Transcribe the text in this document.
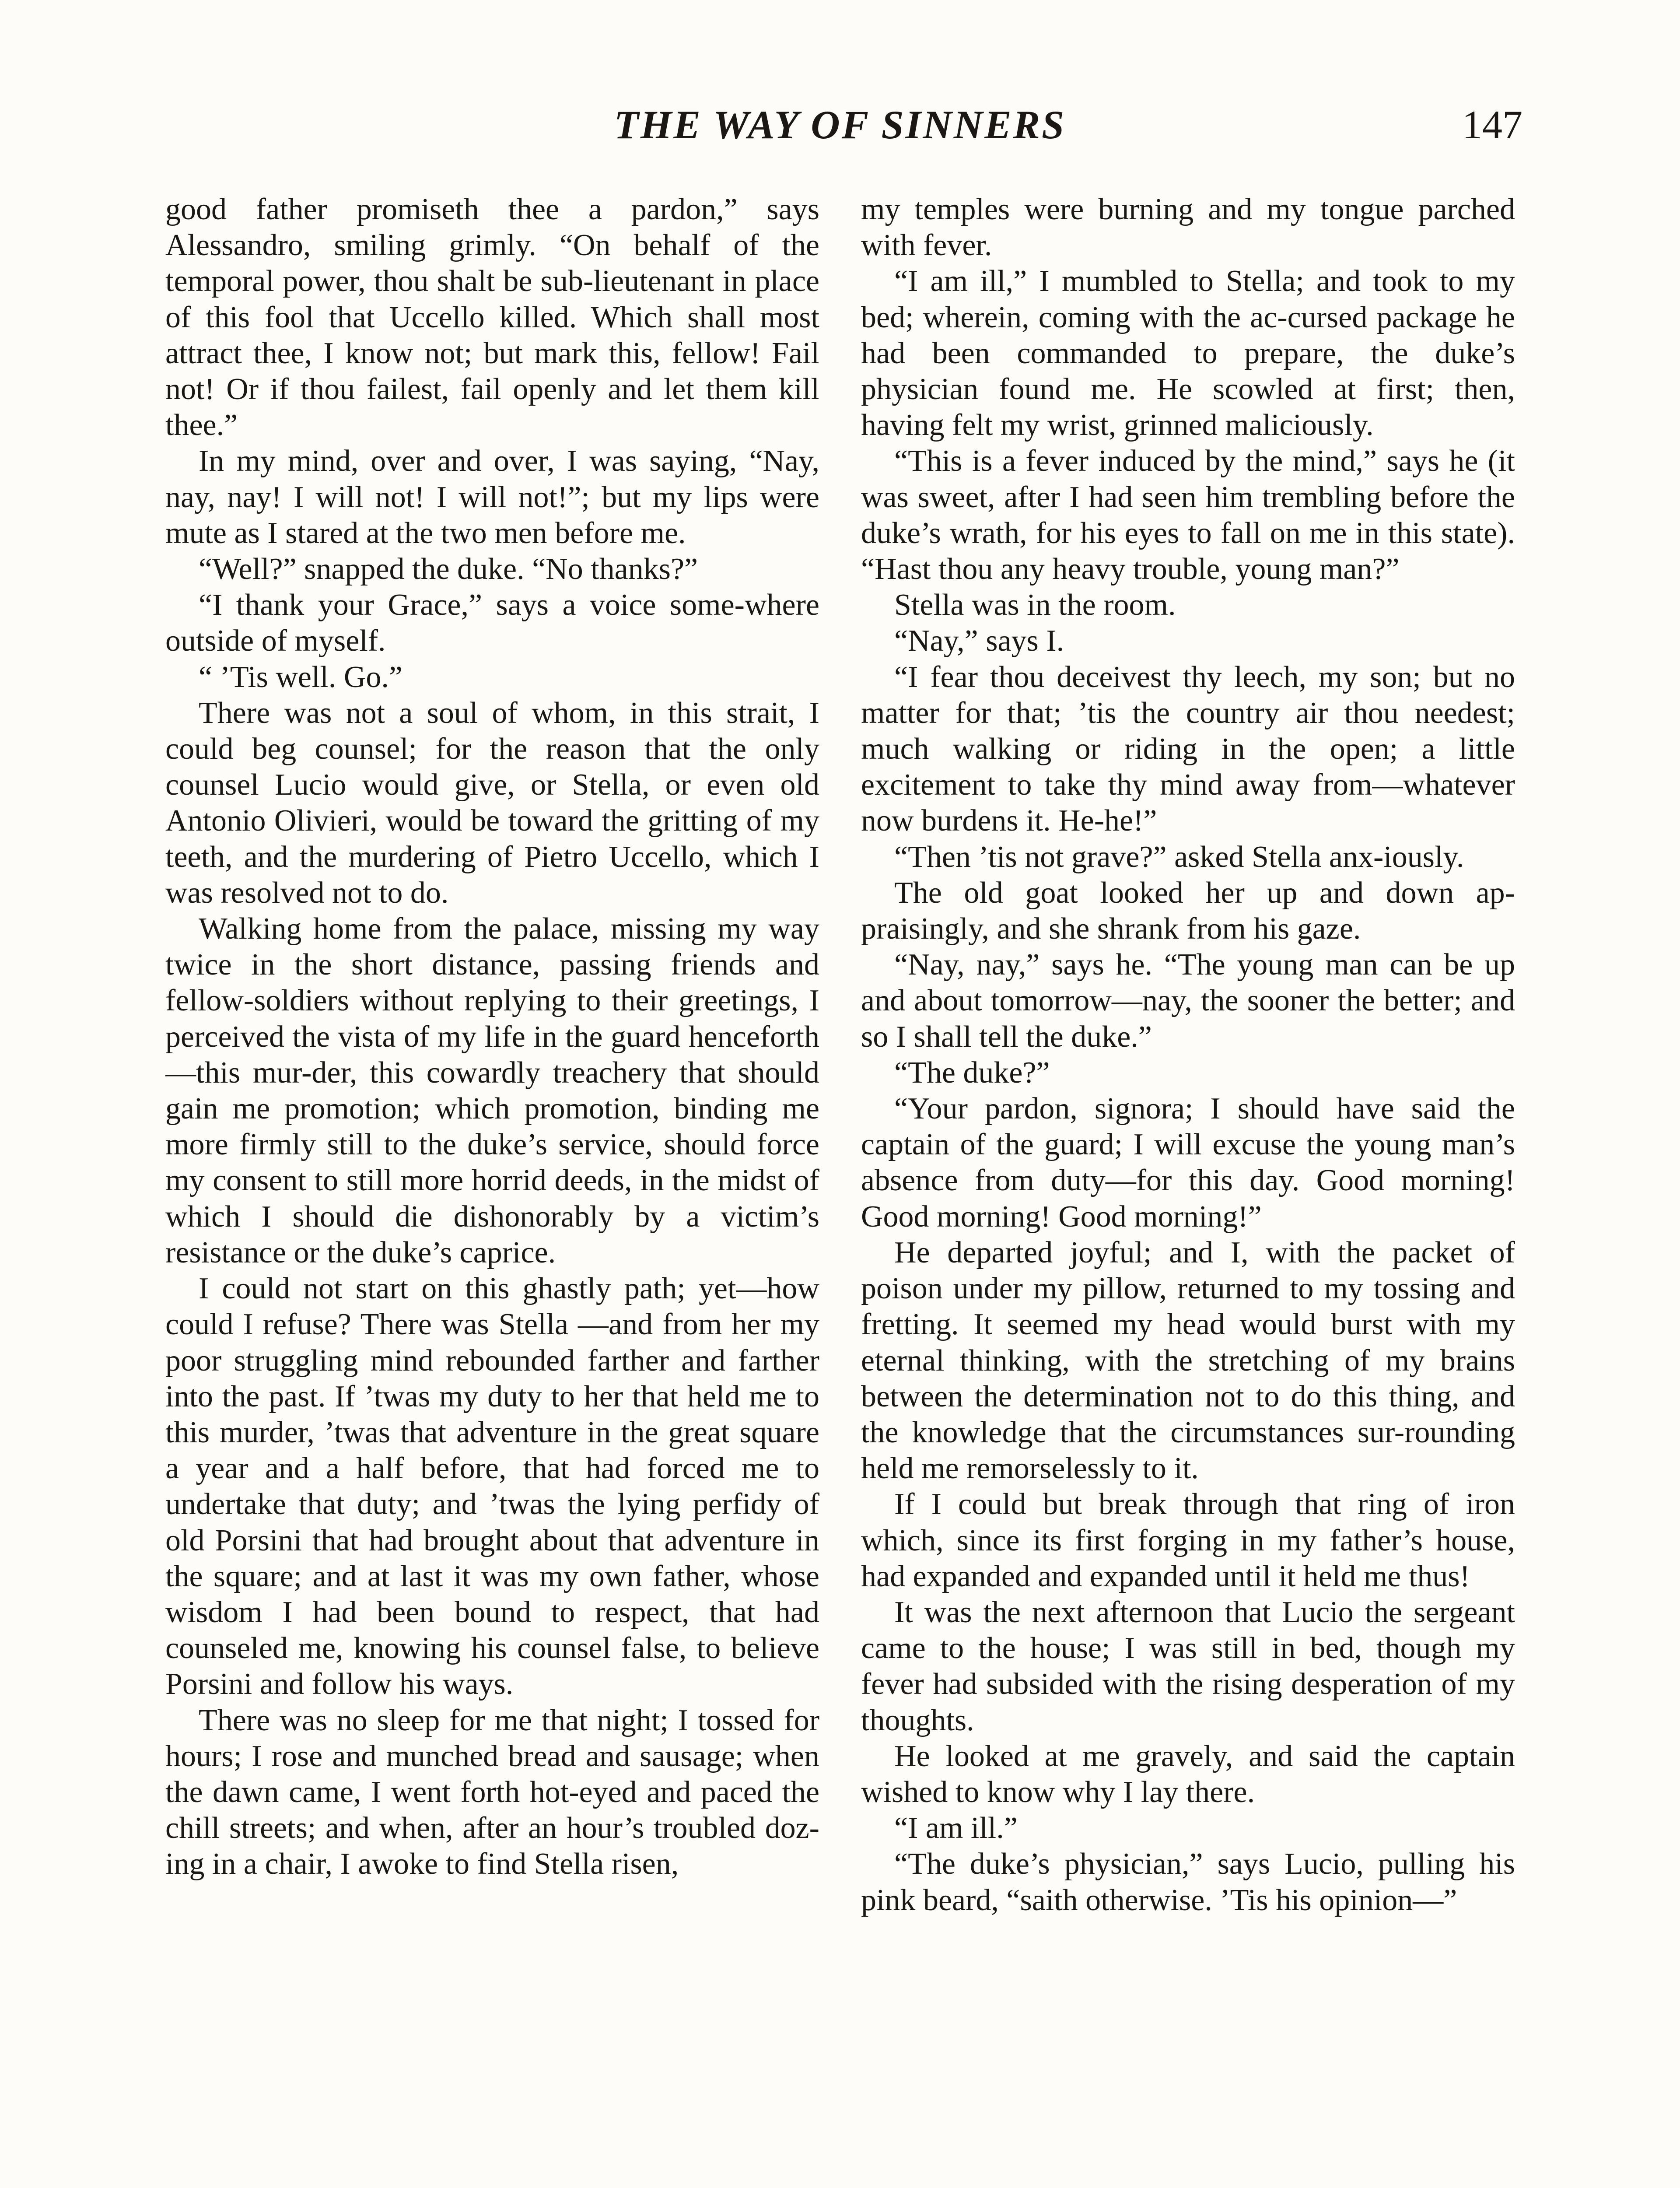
THE WAY OF SINNERS	147

good father promiseth thee a pardon,” says Alessandro, smiling grimly. “On behalf of the temporal power, thou shalt be sub-lieutenant in place of this fool that Uccello killed. Which shall most attract thee, I know not; but mark this, fellow! Fail not! Or if thou failest, fail openly and let them kill thee.”

In my mind, over and over, I was saying, “Nay, nay, nay! I will not! I will not!”; but my lips were mute as I stared at the two men before me.

“Well?” snapped the duke. “No thanks?”

“I thank your Grace,” says a voice some-where outside of myself.

“ ’Tis well. Go.”

There was not a soul of whom, in this strait, I could beg counsel; for the reason that the only counsel Lucio would give, or Stella, or even old Antonio Olivieri, would be toward the gritting of my teeth, and the murdering of Pietro Uccello, which I was resolved not to do.

Walking home from the palace, missing my way twice in the short distance, passing friends and fellow-soldiers without replying to their greetings, I perceived the vista of my life in the guard henceforth—this mur-der, this cowardly treachery that should gain me promotion; which promotion, binding me more firmly still to the duke’s service, should force my consent to still more horrid deeds, in the midst of which I should die dishonorably by a victim’s resistance or the duke’s caprice.

I could not start on this ghastly path; yet—how could I refuse? There was Stella —and from her my poor struggling mind rebounded farther and farther into the past. If ’twas my duty to her that held me to this murder, ’twas that adventure in the great square a year and a half before, that had forced me to undertake that duty; and ’twas the lying perfidy of old Porsini that had brought about that adventure in the square; and at last it was my own father, whose wisdom I had been bound to respect, that had counseled me, knowing his counsel false, to believe Porsini and follow his ways.

There was no sleep for me that night; I tossed for hours; I rose and munched bread and sausage; when the dawn came, I went forth hot-eyed and paced the chill streets; and when, after an hour’s troubled doz-ing in a chair, I awoke to find Stella risen,

my temples were burning and my tongue parched with fever.

“I am ill,” I mumbled to Stella; and took to my bed; wherein, coming with the ac-cursed package he had been commanded to prepare, the duke’s physician found me. He scowled at first; then, having felt my wrist, grinned maliciously.

“This is a fever induced by the mind,” says he (it was sweet, after I had seen him trembling before the duke’s wrath, for his eyes to fall on me in this state). “Hast thou any heavy trouble, young man?”

Stella was in the room.

“Nay,” says I.

“I fear thou deceivest thy leech, my son; but no matter for that; ’tis the country air thou needest; much walking or riding in the open; a little excitement to take thy mind away from—whatever now burdens it. He-he!”

“Then ’tis not grave?” asked Stella anx-iously.

The old goat looked her up and down ap-praisingly, and she shrank from his gaze.

“Nay, nay,” says he. “The young man can be up and about tomorrow—nay, the sooner the better; and so I shall tell the duke.”

“The duke?”

“Your pardon, signora; I should have said the captain of the guard; I will excuse the young man’s absence from duty—for this day. Good morning! Good morning! Good morning!”

He departed joyful; and I, with the packet of poison under my pillow, returned to my tossing and fretting. It seemed my head would burst with my eternal thinking, with the stretching of my brains between the determination not to do this thing, and the knowledge that the circumstances sur-rounding held me remorselessly to it.

If I could but break through that ring of iron which, since its first forging in my father’s house, had expanded and expanded until it held me thus!

It was the next afternoon that Lucio the sergeant came to the house; I was still in bed, though my fever had subsided with the rising desperation of my thoughts.

He looked at me gravely, and said the captain wished to know why I lay there.

“I am ill.”

“The duke’s physician,” says Lucio, pulling his pink beard, “saith otherwise. ’Tis his opinion—”
